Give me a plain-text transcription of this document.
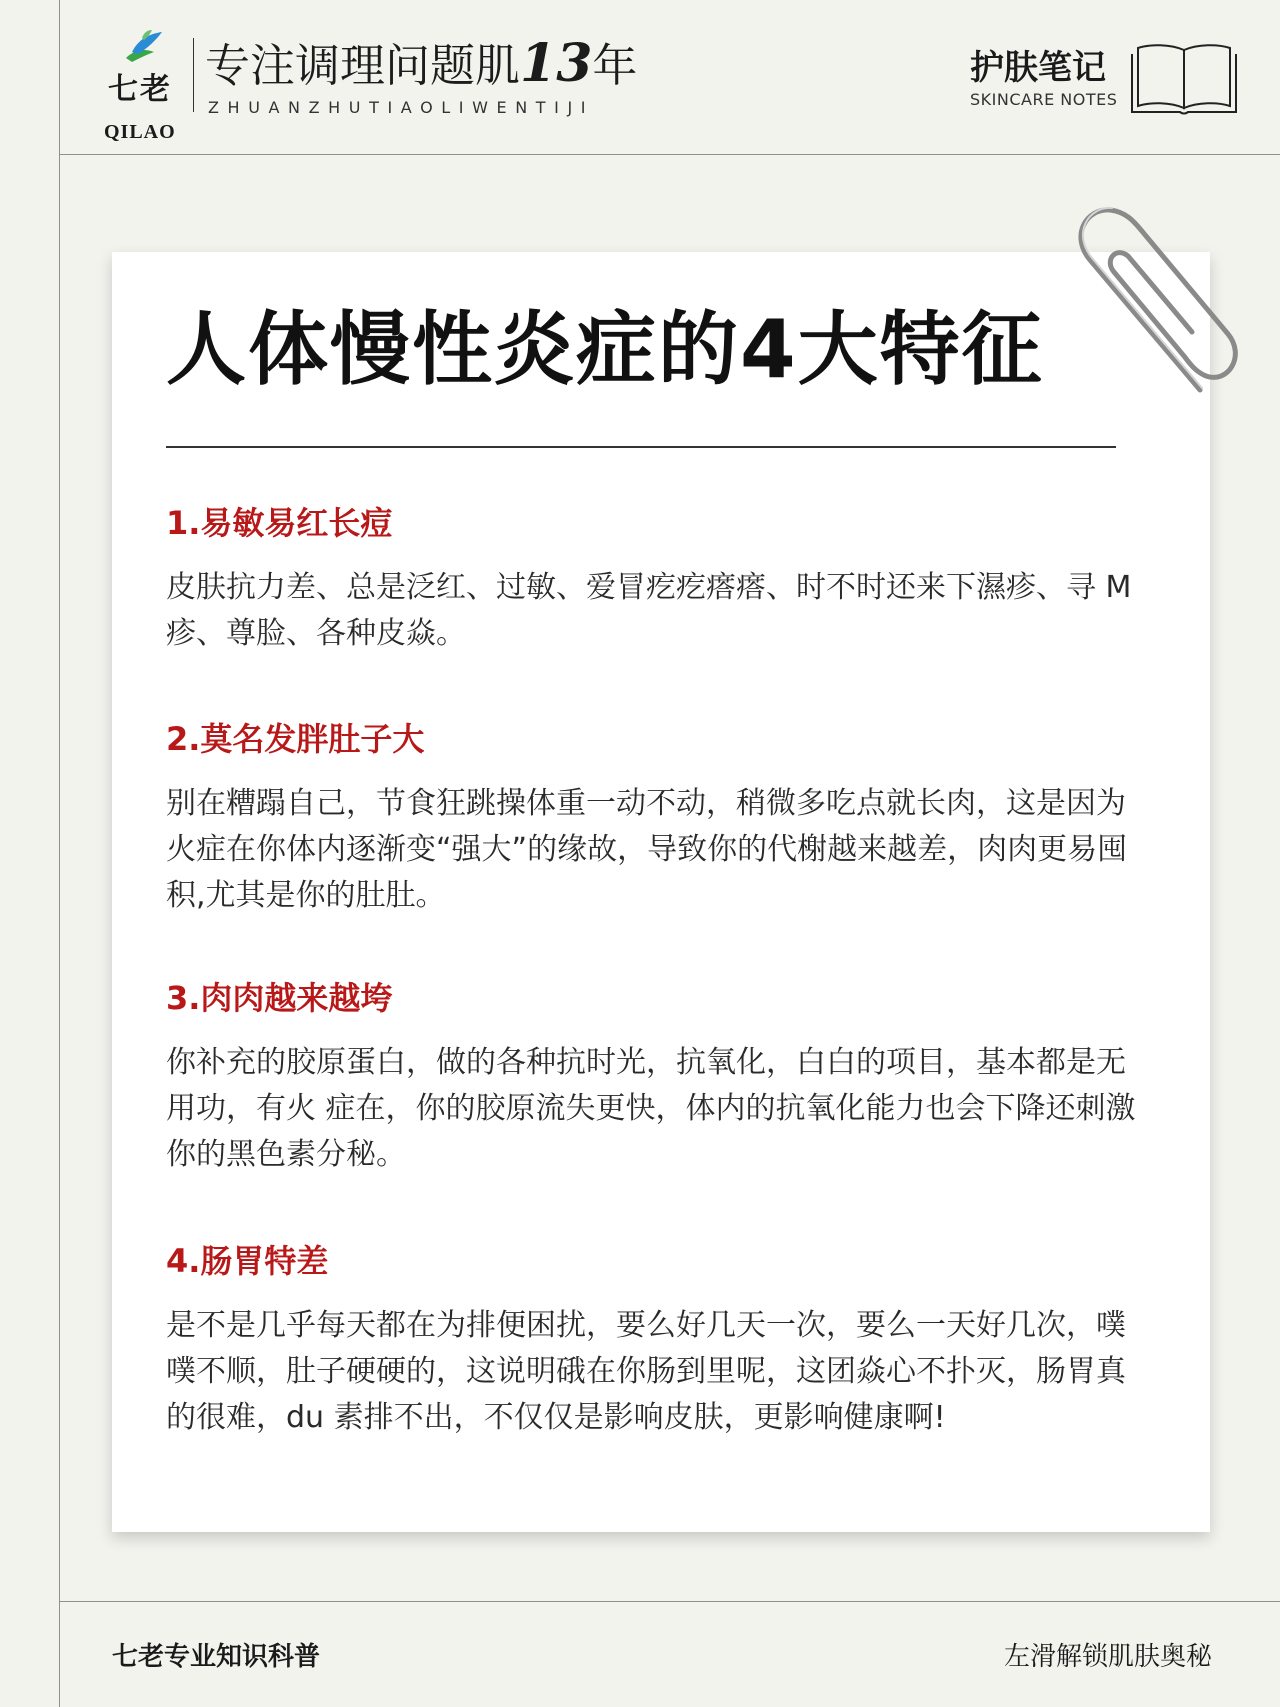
七老
QILAO
专注调理问题肌13年
ZHUANZHUTIAOLIWENTIJI
护肤笔记
SKINCARE NOTES
人体慢性炎症的4大特征
1.易敏易红长痘

皮肤抗力差、总是泛红、过敏、爱冒疙疙瘩瘩、时不时还来下濕疹、寻 M 疹、尊脸、各种皮焱。

2.莫名发胖肚子大

别在糟蹋自己，节食狂跳操体重一动不动，稍微多吃点就长肉，这是因为火症在你体内逐渐变“强大”的缘故，导致你的代榭越来越差，肉肉更易囤积,尤其是你的肚肚。

3.肉肉越来越垮

你补充的胶原蛋白，做的各种抗时光，抗氧化，白白的项目，基本都是无用功，有火 症在，你的胶原流失更快，体内的抗氧化能力也会下降还刺激你的黑色素分秘。

4.肠胃特差

是不是几乎每天都在为排便困扰，要么好几天一次，要么一天好几次，噗噗不顺，肚子硬硬的，这说明硪在你肠到里呢，这团焱心不扑灭，肠胃真的很难，du 素排不出，不仅仅是影响皮肤，更影响健康啊!

七老专业知识科普	左滑解锁肌肤奥秘
